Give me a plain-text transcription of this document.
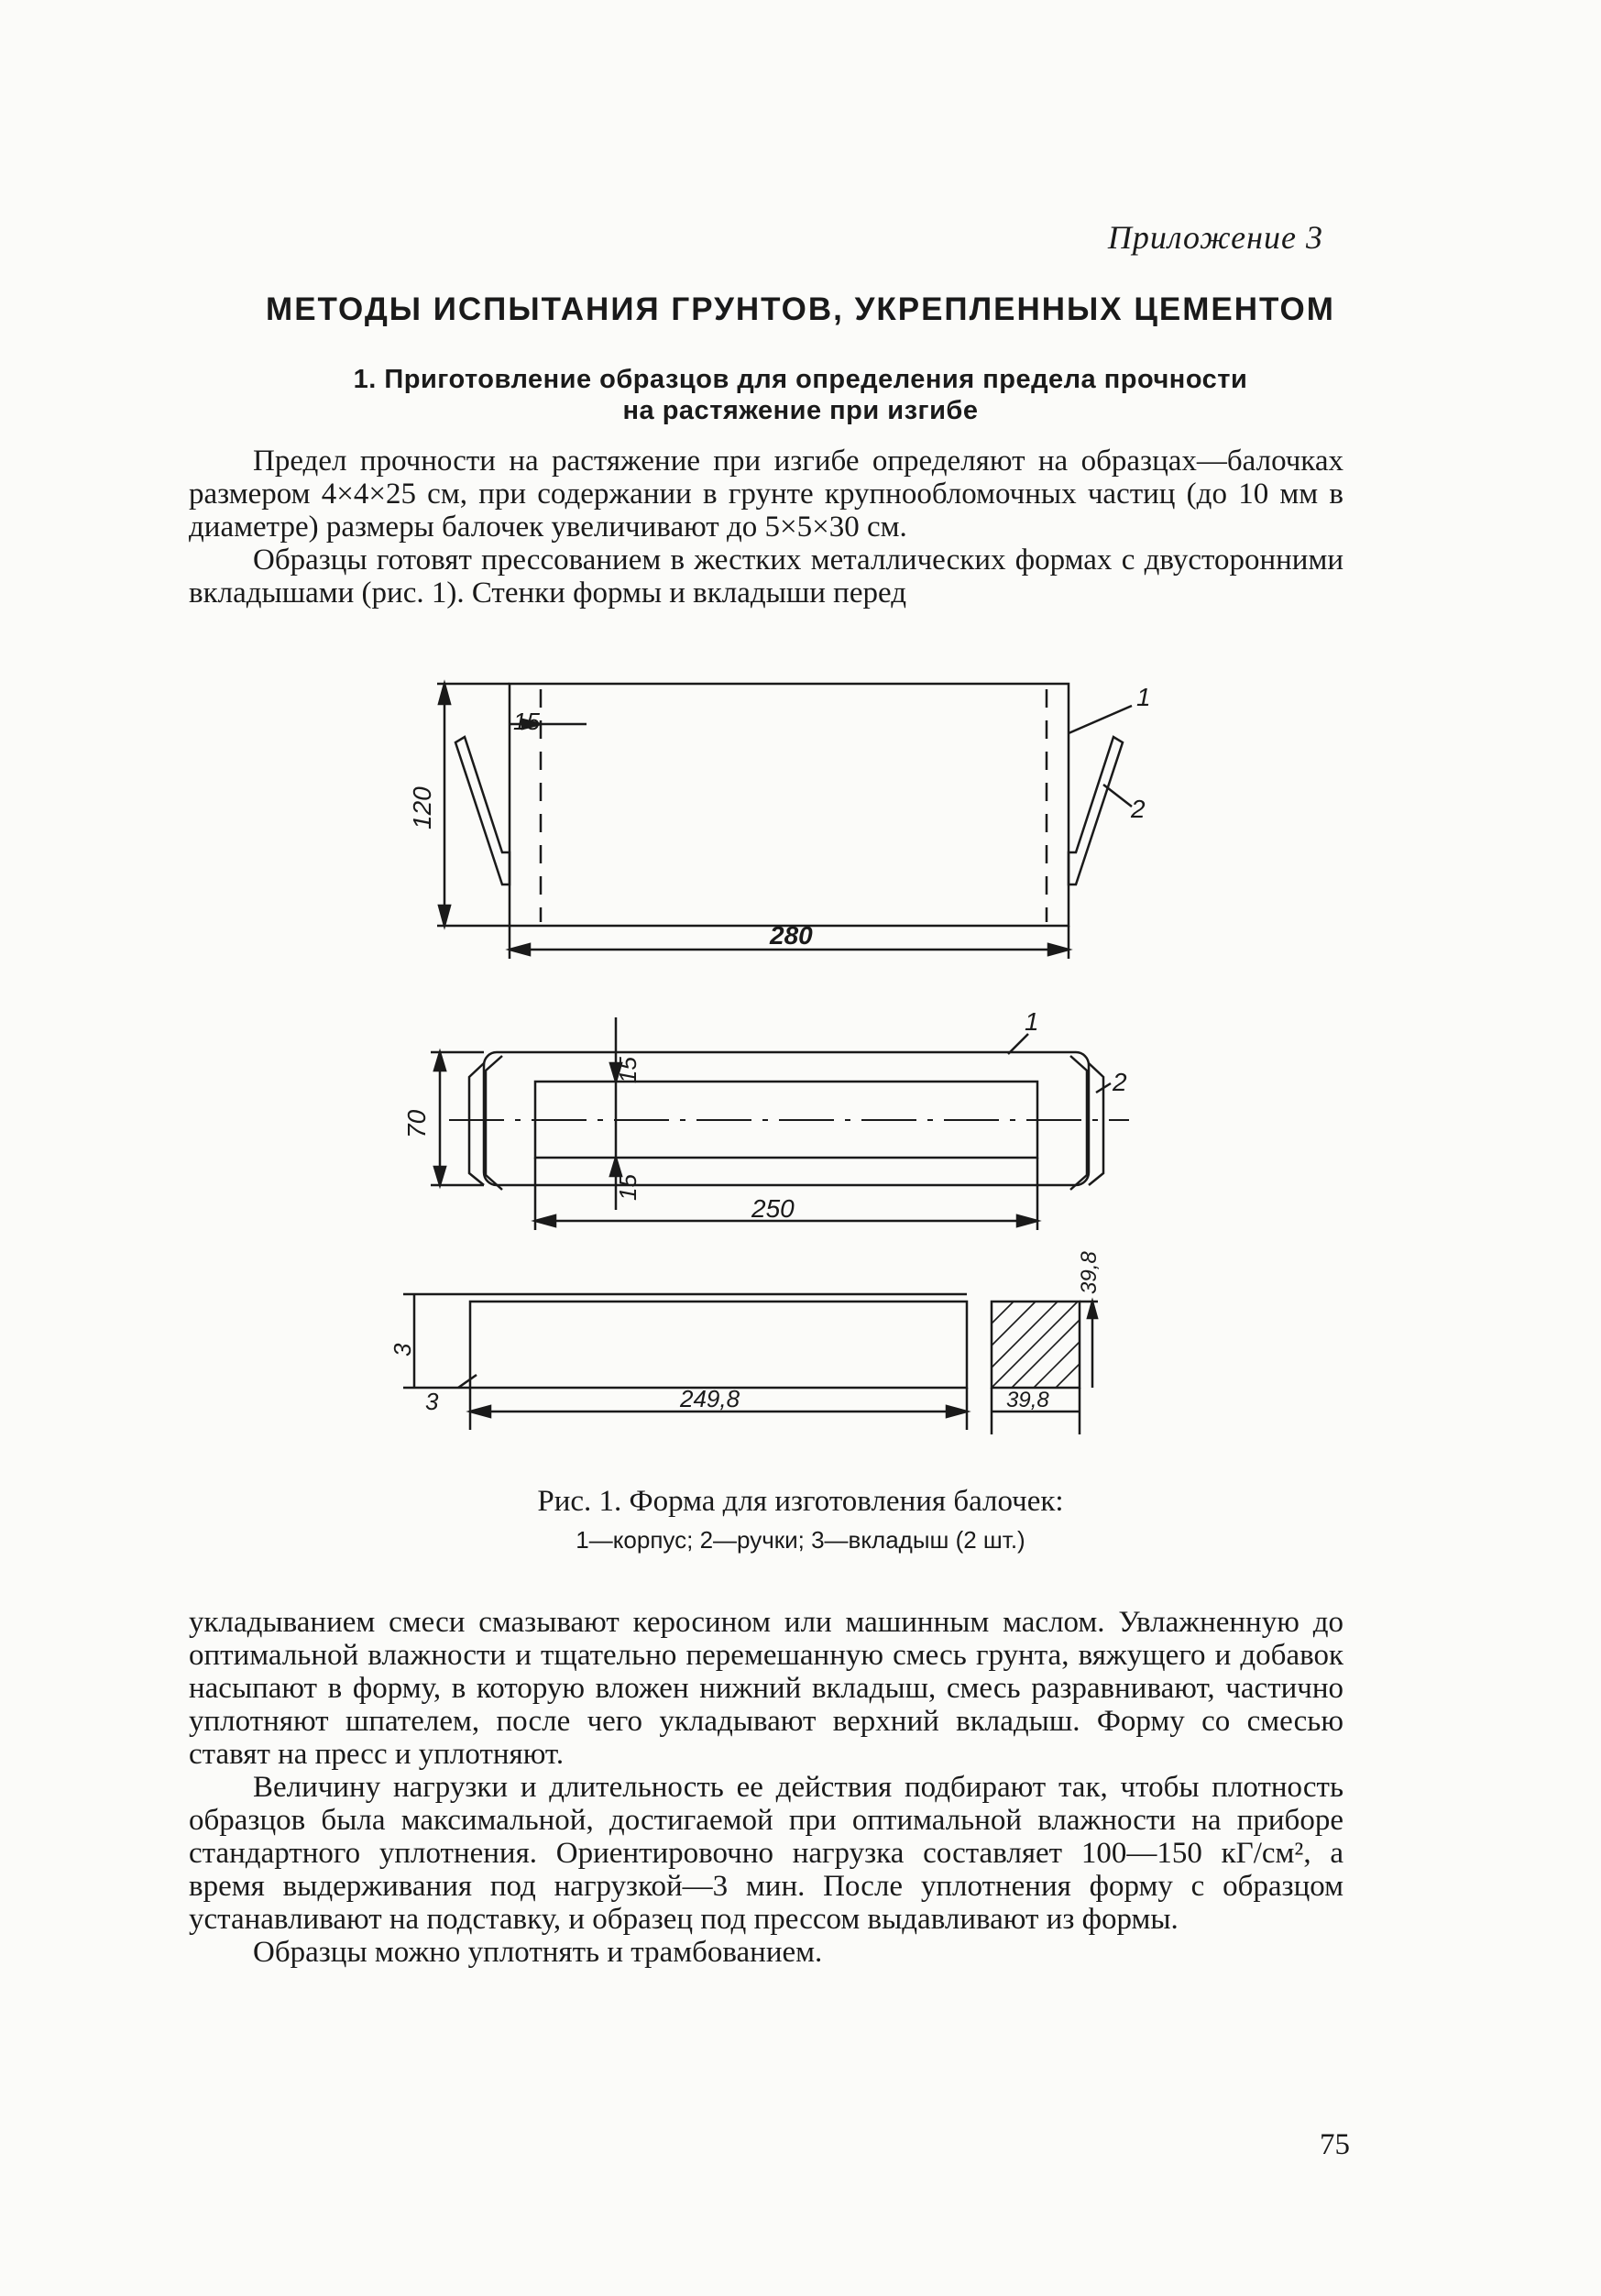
Приложение 3
МЕТОДЫ ИСПЫТАНИЯ ГРУНТОВ, УКРЕПЛЕННЫХ ЦЕМЕНТОМ
1. Приготовление образцов для определения предела прочности
на растяжение при изгибе

Предел прочности на растяжение при изгибе определяют на образцах—балочках размером 4×4×25 см, при содержании в грунте крупнообломочных частиц (до 10 мм в диаметре) размеры балочек увеличивают до 5×5×30 см.

Образцы готовят прессованием в жестких металлических формах с двусторонними вкладышами (рис. 1). Стенки формы и вкладыши перед

120
15
280
1
2
70
15
15
250
1
2
3
3	249,8	39,8
39,8
Рис. 1. Форма для изготовления балочек:
1—корпус; 2—ручки; 3—вкладыш (2 шт.)

укладыванием смеси смазывают керосином или машинным маслом. Увлажненную до оптимальной влажности и тщательно перемешанную смесь грунта, вяжущего и добавок насыпают в форму, в которую вложен нижний вкладыш, смесь разравнивают, частично уплотняют шпателем, после чего укладывают верхний вкладыш. Форму со смесью ставят на пресс и уплотняют.

Величину нагрузки и длительность ее действия подбирают так, чтобы плотность образцов была максимальной, достигаемой при оптимальной влажности на приборе стандартного уплотнения. Ориентировочно нагрузка составляет 100—150 кГ/см², а время выдерживания под нагрузкой—3 мин. После уплотнения форму с образцом устанавливают на подставку, и образец под прессом выдавливают из формы.

Образцы можно уплотнять и трамбованием.

75
